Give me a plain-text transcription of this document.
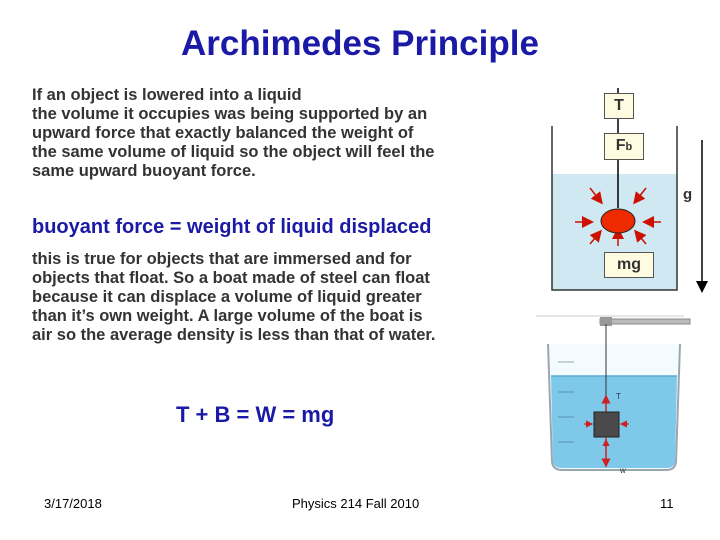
Archimedes Principle
If an object is lowered into a liquid
the volume it occupies was being supported by an
upward force that exactly balanced the weight of
the same volume of liquid so the object will feel the
same upward buoyant force.
buoyant force = weight of liquid displaced
this is true for objects that are immersed and for
objects that float. So a boat made of steel can float
because it can displace a volume of liquid greater
than it’s own weight. A large volume of the boat is
air so the average density is less than that of water.
T + B = W = mg
T
Fb
g
mg
T
w
3/17/2018	Physics 214 Fall 2010	11
